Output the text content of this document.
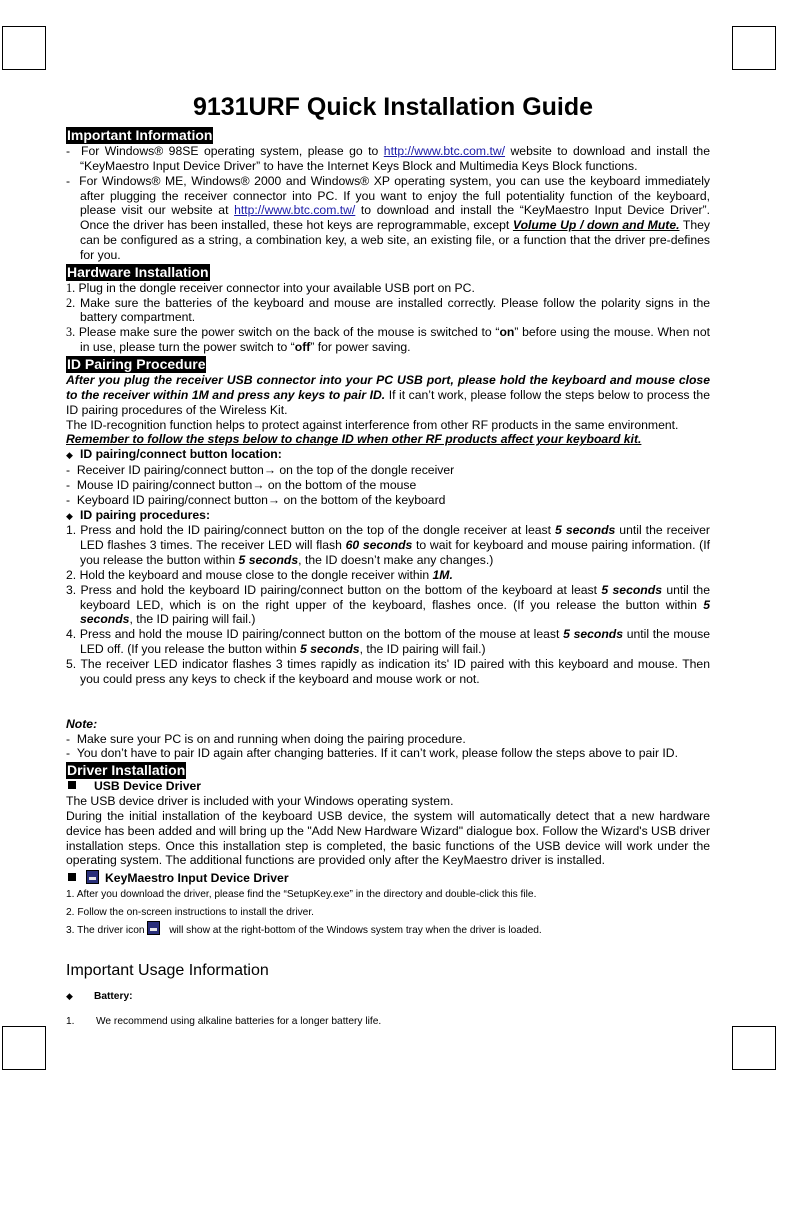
9131URF Quick Installation Guide
Important Information

-  For Windows® 98SE operating system, please go to http://www.btc.com.tw/ website to download and install the “KeyMaestro Input Device Driver” to have the Internet Keys Block and Multimedia Keys Block functions.

-  For Windows® ME, Windows® 2000 and Windows® XP operating system, you can use the keyboard immediately after plugging the receiver connector into PC. If you want to enjoy the full potentiality function of the keyboard, please visit our website at http://www.btc.com.tw/ to download and install the “KeyMaestro Input Device Driver”. Once the driver has been installed, these hot keys are reprogrammable, except Volume Up / down and Mute. They can be configured as a string, a combination key, a web site, an existing file, or a function that the driver pre-defines for you.

Hardware Installation

1. Plug in the dongle receiver connector into your available USB port on PC.

2. Make sure the batteries of the keyboard and mouse are installed correctly. Please follow the polarity signs in the battery compartment.

3. Please make sure the power switch on the back of the mouse is switched to “on” before using the mouse. When not in use, please turn the power switch to “off” for power saving.

ID Pairing Procedure

After you plug the receiver USB connector into your PC USB port, please hold the keyboard and mouse close to the receiver within 1M and press any keys to pair ID. If it can’t work, please follow the steps below to process the ID pairing procedures of the Wireless Kit.

The ID-recognition function helps to protect against interference from other RF products in the same environment.

Remember to follow the steps below to change ID when other RF products affect your keyboard kit.

◆ ID pairing/connect button location:

-  Receiver ID pairing/connect button→ on the top of the dongle receiver

-  Mouse ID pairing/connect button→ on the bottom of the mouse

-  Keyboard ID pairing/connect button→ on the bottom of the keyboard

◆ ID pairing procedures:

1. Press and hold the ID pairing/connect button on the top of the dongle receiver at least 5 seconds until the receiver LED flashes 3 times. The receiver LED will flash 60 seconds to wait for keyboard and mouse pairing information. (If you release the button within 5 seconds, the ID doesn’t make any changes.)

2. Hold the keyboard and mouse close to the dongle receiver within 1M.

3. Press and hold the keyboard ID pairing/connect button on the bottom of the keyboard at least 5 seconds until the keyboard LED, which is on the right upper of the keyboard, flashes once. (If you release the button within 5 seconds, the ID pairing will fail.)

4. Press and hold the mouse ID pairing/connect button on the bottom of the mouse at least 5 seconds until the mouse LED off. (If you release the button within 5 seconds, the ID pairing will fail.)

5. The receiver LED indicator flashes 3 times rapidly as indication its' ID paired with this keyboard and mouse. Then you could press any keys to check if the keyboard and mouse work or not.

Note:

-  Make sure your PC is on and running when doing the pairing procedure.

-  You don’t have to pair ID again after changing batteries. If it can’t work, please follow the steps above to pair ID.

Driver Installation

USB Device Driver

The USB device driver is included with your Windows operating system.

During the initial installation of the keyboard USB device, the system will automatically detect that a new hardware device has been added and will bring up the "Add New Hardware Wizard" dialogue box. Follow the Wizard's USB driver installation steps. Once this installation step is completed, the basic functions of the USB device will work under the operating system. The additional functions are provided only after the KeyMaestro driver is installed.

KeyMaestro Input Device Driver

1. After you download the driver, please find the “SetupKey.exe” in the directory and double-click this file.

2. Follow the on-screen instructions to install the driver.

3. The driver icon  will show at the right-bottom of the Windows system tray when the driver is loaded.

Important Usage Information

◆ Battery:

1.	We recommend using alkaline batteries for a longer battery life.
